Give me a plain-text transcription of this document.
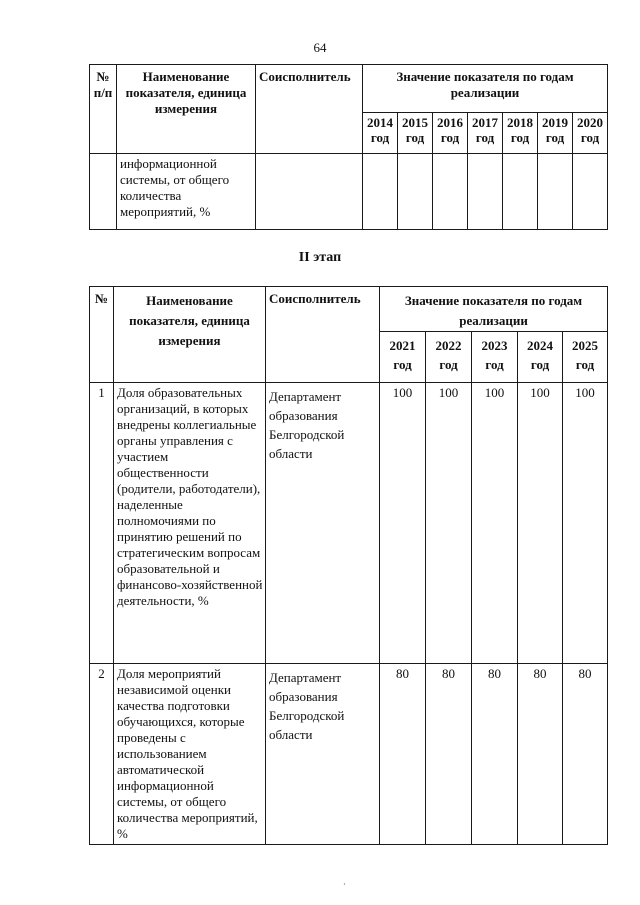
64
№ п/п	Наименование показателя, единица измерения	Соисполнитель	Значение показателя по годам реализации						
			2014 год	2015 год	2016 год	2017 год	2018 год	2019 год	2020 год
	информационной системы, от общего количества мероприятий, %								
II этап
№	Наименование показателя, единица измерения	Соисполнитель	Значение показателя по годам реализации				
			2021 год	2022 год	2023 год	2024 год	2025 год
1	Доля образовательных организаций, в которых внедрены коллегиальные органы управления с участием общественности (родители, работодатели), наделенные полномочиями по принятию решений по стратегическим вопросам образовательной и финансово-хозяйственной деятельности, %	Департамент образования Белгородской области	100	100	100	100	100
2	Доля мероприятий независимой оценки качества подготовки обучающихся, которые проведены с использованием автоматической информационной системы, от общего количества мероприятий, %	Департамент образования Белгородской области	80	80	80	80	80
·
